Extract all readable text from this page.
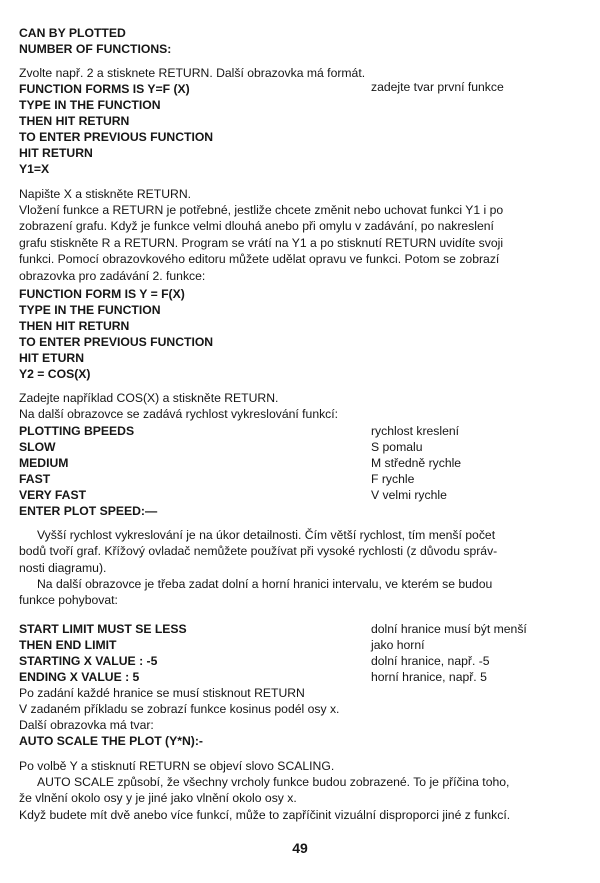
CAN BY PLOTTED
NUMBER OF FUNCTIONS:
Zvolte např. 2 a stisknete RETURN. Další obrazovka má formát.
FUNCTION FORMS IS Y=F (X)	zadejte tvar první funkce
TYPE IN THE FUNCTION
THEN HIT RETURN
TO ENTER PREVIOUS FUNCTION
HIT RETURN
Y1=X
Napište X a stiskněte RETURN.
Vložení funkce a RETURN je potřebné, jestliže chcete změnit nebo uchovat funkci Y1 i po
zobrazení grafu. Když je funkce velmi dlouhá anebo při omylu v zadávání, po nakreslení
grafu stiskněte R a RETURN. Program se vrátí na Y1 a po stisknutí RETURN uvidíte svoji
funkci. Pomocí obrazovkového editoru můžete udělat opravu ve funkci. Potom se zobrazí
obrazovka pro zadávání 2. funkce:
FUNCTION FORM IS Y = F(X)
TYPE IN THE FUNCTION
THEN HIT RETURN
TO ENTER PREVIOUS FUNCTION
HIT ETURN
Y2 = COS(X)
Zadejte například COS(X) a stiskněte RETURN.
Na další obrazovce se zadává rychlost vykreslování funkcí:
PLOTTING BPEEDS	rychlost kreslení
SLOW	S pomalu
MEDIUM	M středně rychle
FAST	F rychle
VERY FAST	V velmi rychle
ENTER PLOT SPEED:—
Vyšší rychlost vykreslování je na úkor detailnosti. Čím větší rychlost, tím menší počet
bodů tvoří graf. Křížový ovladač nemůžete používat při vysoké rychlosti (z důvodu správ-
nosti diagramu).
Na další obrazovce je třeba zadat dolní a horní hranici intervalu, ve kterém se budou
funkce pohybovat:
START LIMIT MUST SE LESS	dolní hranice musí být menší
THEN END LIMIT	jako horní
STARTING X VALUE : -5	dolní hranice, např. -5
ENDING X VALUE : 5	horní hranice, např. 5
Po zadání každé hranice se musí stisknout RETURN
V zadaném příkladu se zobrazí funkce kosinus podél osy x.
Další obrazovka má tvar:
AUTO SCALE THE PLOT (Y*N):-
Po volbě Y a stisknutí RETURN se objeví slovo SCALING.
AUTO SCALE způsobí, že všechny vrcholy funkce budou zobrazené. To je příčina toho,
že vlnění okolo osy y je jiné jako vlnění okolo osy x.
Když budete mít dvě anebo více funkcí, může to zapříčinit vizuální disproporci jiné z funkcí.
49
